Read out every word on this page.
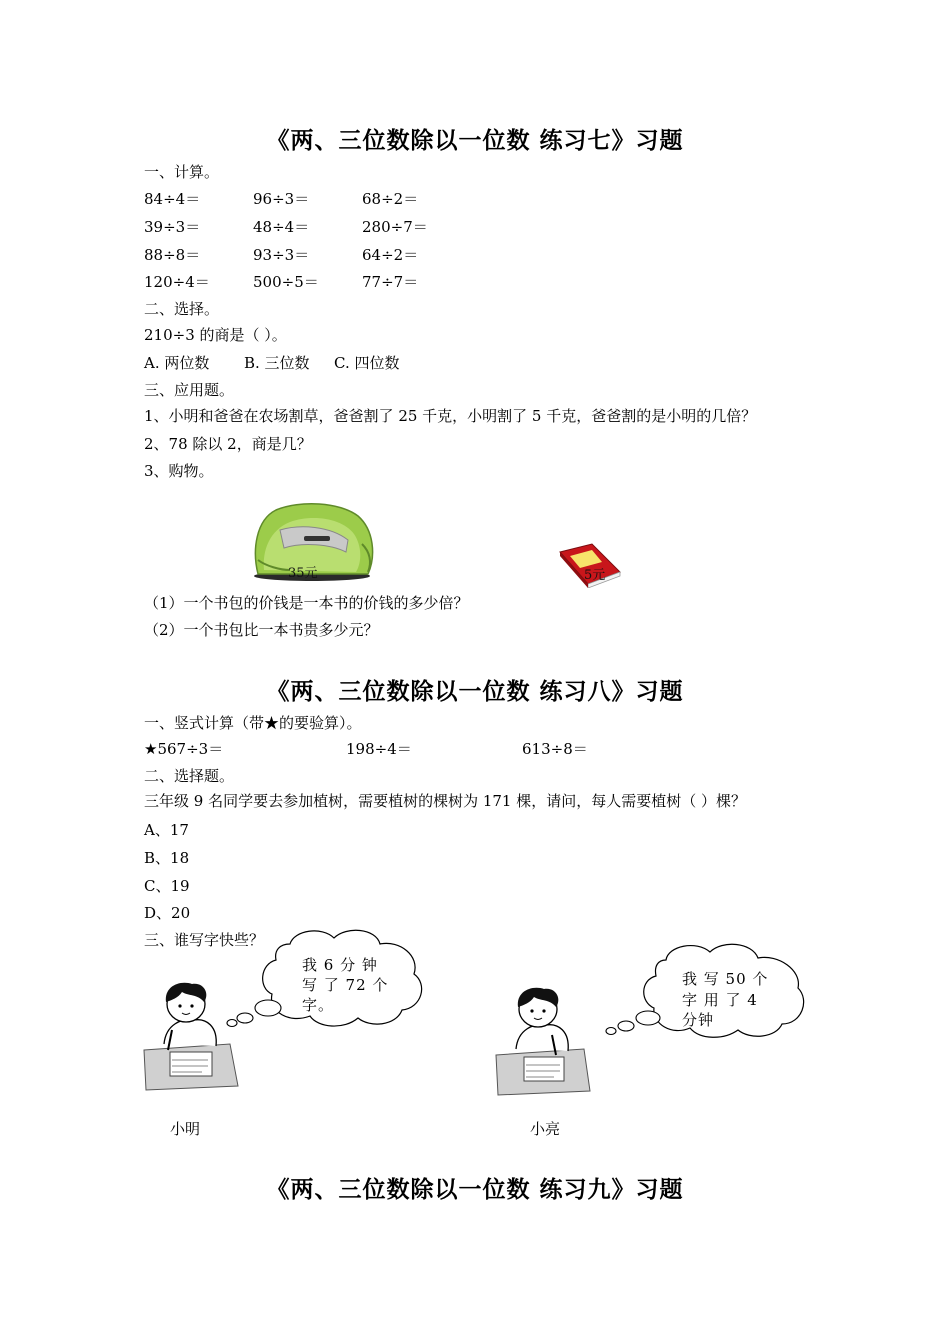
《两、三位数除以一位数 练习七》习题
一、计算。
84÷4＝	96÷3＝	68÷2＝
39÷3＝	48÷4＝	280÷7＝
88÷8＝	93÷3＝	64÷2＝
120÷4＝	500÷5＝	77÷7＝
二、选择。
210÷3 的商是（ ）。
A. 两位数 B. 三位数 C. 四位数
三、应用题。
1、小明和爸爸在农场割草，爸爸割了 25 千克，小明割了 5 千克，爸爸割的是小明的几倍？
2、78 除以 2，商是几？
3、购物。
35元	5元
（1）一个书包的价钱是一本书的价钱的多少倍？
（2）一个书包比一本书贵多少元？
《两、三位数除以一位数 练习八》习题
一、竖式计算（带★的要验算）。
★567÷3＝	198÷4＝	613÷8＝
二、选择题。
三年级 9 名同学要去参加植树，需要植树的棵树为 171 棵，请问，每人需要植树（ ）棵？
A、17
B、18
C、19
D、20
三、谁写字快些？
我 6 分 钟
写 了 72 个
字。
小明
我 写 50 个
字 用 了 4
分钟
小亮
《两、三位数除以一位数 练习九》习题
